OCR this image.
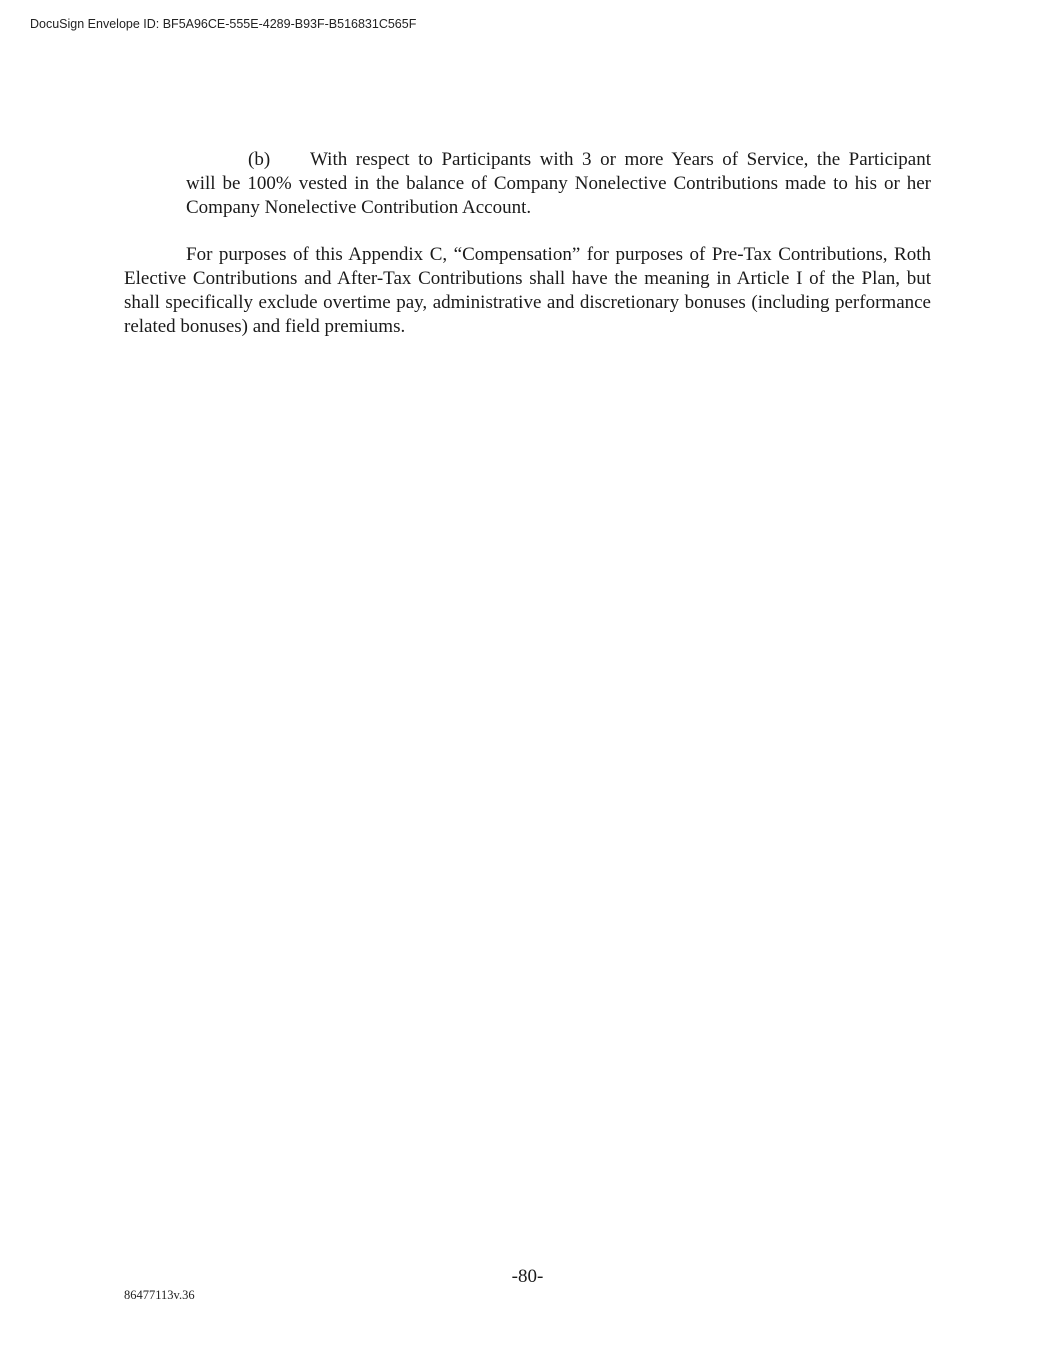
DocuSign Envelope ID: BF5A96CE-555E-4289-B93F-B516831C565F

(b) With respect to Participants with 3 or more Years of Service, the Participant
will be 100% vested in the balance of Company Nonelective Contributions made to his or her Company Nonelective Contribution Account.

For purposes of this Appendix C, “Compensation” for purposes of Pre-Tax Contributions, Roth Elective Contributions and After-Tax Contributions shall have the meaning in Article I of the Plan, but shall specifically exclude overtime pay, administrative and discretionary bonuses (including performance related bonuses) and field premiums.

-80-
86477113v.36
